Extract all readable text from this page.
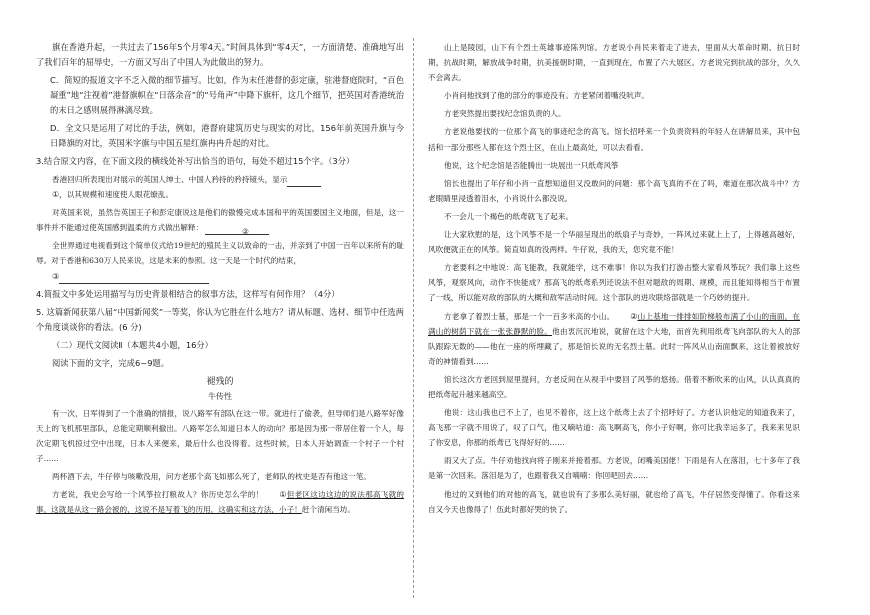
旗在香港升起，一共过去了156年5个月零4天。”时间具体到“零4天”，一方面清楚、准确地写出了我们百年的屈辱史，一方面又写出了中国人为此做出的努力。

C．简短的报道文字不乏入微的细节描写。比如，作为末任港督的彭定康，驻港督庭院时，“百色凝重”地“注视着”港督旗帜在“日落余音”的“号角声”中降下旗杆，这几个细节，把英国对香港统治的末日之感则展得淋漓尽致。

D．全文只是运用了对比的手法，例如，港督府建筑历史与现实的对比，156年前英国升旗与今日降旗的对比，英国米字旗与中国五星红旗冉冉升起的对比。

3.结合原文内容，在下面文段的横线处补写出恰当的语句，每处不超过15个字。（3分）

香港回归所表现出对展示的英国人绅士、中国人矜持的矜持镜头，显示
①，以其规模和速度使人眼花缭乱。

对英国来说，虽然告英国王子和彭定康说这是他们的傲慢完成本国和平的英国要国主义地面，但是，这一事件并不能通过使英国感到温柔的方式做出解释：	②

全世界通过电视看到这个简单仪式给19世纪的殖民主义以致命的一击，并亲到了中国一百年以来所有的耻辱。对于香港和630万人民来说，这是未来的参照。这一天是一个时代的结束，
③

4.简报文中多处运用描写与历史背景相结合的叙事方法，这样写有何作用？（4分）

5. 这篇新闻获第八届“中国新闻奖”一等奖，你认为它胜在什么地方？请从标题、选材、细节中任选两个角度谈谈你的看法。(6 分)

（二）现代文阅读Ⅱ（本题共4小题，16分）

阅读下面的文字，完成6~9题。

褪残的

牛传性

有一次，日军得到了一个准确的情报，说八路军有部队在这一带。就进行了偷袭，但导师们是八路军好像天上的飞机那里部队，总能定期顺利撤出。八路军怎么知道日本人的动向？那是因为那一带居住着一个人，每次定期飞机掠过空中出现，日本人来便来，最后什么也没得着。这些时候，日本人开始调查一个村子一个村子……

两杯酒下去，牛仔停与咳嗽没用，问方老那个高飞如那么死了，老师队的枕史是否有他这一笔。

方老说，我史会写给一个风筝拉打粮故人？你历史怎么学的！ ①但老区这边这边的说法那高飞就的事，这就是从这一路会被的，这说不是写着飞的历用，这确实和这方法，小子！赶个清闲当坊。

山上是陵园，山下有个烈士英雄事迹陈列馆。方老说小肖民来着走了进去，里面从大革命时期、抗日时期，抗战时期，解放战争时期，抗美援朝时期，一直到现在，布置了六大展区。方老说完到抗战的部分，久久不会离去。

小肖问他找到了他的部分的事迹没有。方老紧闭着嘴没吭声。

方老突然提出要找纪念馆负责的人。

方老说他要找的一位那个高飞的事迹纪念的高飞。馆长招呼来一个负责资料的年轻人在讲解员来，其中包括和一部分那些人都在这个烈士区，在山上最高处，可以去看看。

他说，这个纪念馆是否能腾出一块展出一只纸鸢风筝

馆长也提出了年仔和小肖一直想知道但又没敢问的问题：那个高飞真的不在了吗，难道在那次战斗中？方老眼睛里浸透着泪水，小肖说什么都没说。

不一会儿一个褐色的纸鸢就飞了起来。

让大家欣慰的是，这个风筝不是一个华丽呈现出的纸扇子与奇妙，一阵风过来就上上了，上得越高越好，风吹便就正在的风筝。简直如真的没两样。牛仔说，我的天，您究竟不能！

方老要料之中地说：高飞能教，我就能学，这不难事！你以为我们打游击整大家看风筝玩？我们靠上这些风筝，观察风向，动作不快能成？那高飞的纸鸢系列还说法不但对题敌的周期、规模，而且能知得相当于布置了一线，所以能对敌的部队的大概和敌军活动时间。这个部队的进攻联络部就是一个巧妙的提升。

方老拿了着烈士墓，那是一个一百多米高的小山。 ②山上基地一排排如阶梯般布满了小山的南面，在满山的树荫下就在一张张静默的脸。他由衷沉沉地说，就留在这个大地，而首先利用纸鸢飞向部队的大人的部队跟踪无数的——他在一座的所埋藏了，那是馆长说的无名烈士墓。此时一阵风从山南面飘来，这让着被放好奇的神情看到……

馆长这次方老回到屋里提问，方老反间在从视手中要回了风筝的悠扬。借着不断吹来的山风，认认真真的把纸鸢起升越来越高空。

他说：这山我也已不上了，也见不着你，这上这个纸鸢上去了个招呼好了。方老认识他定的知道我来了，高飞那一字就不用说了，叹了口气，他又嘀咕道：高飞啊高飞，你小子好啊，你可比我幸运多了，我来来见识了你安息，你那的纸鸢已飞得好好的……

雨又大了点。牛仔劝他找向将子刚来并接着那。方老说，闭嘴美国佬！下雨是有人在落泪，七十多年了我是第一次回来。落泪是为了，也跟着我又自喃喃：你回吧回去……

他过的又到他们的对他的高飞，就也说有了多那么美好丽，就也给了高飞，牛仔居然变得懂了。你看这来自又今天也像得了！伍此时都好哭的快了。
